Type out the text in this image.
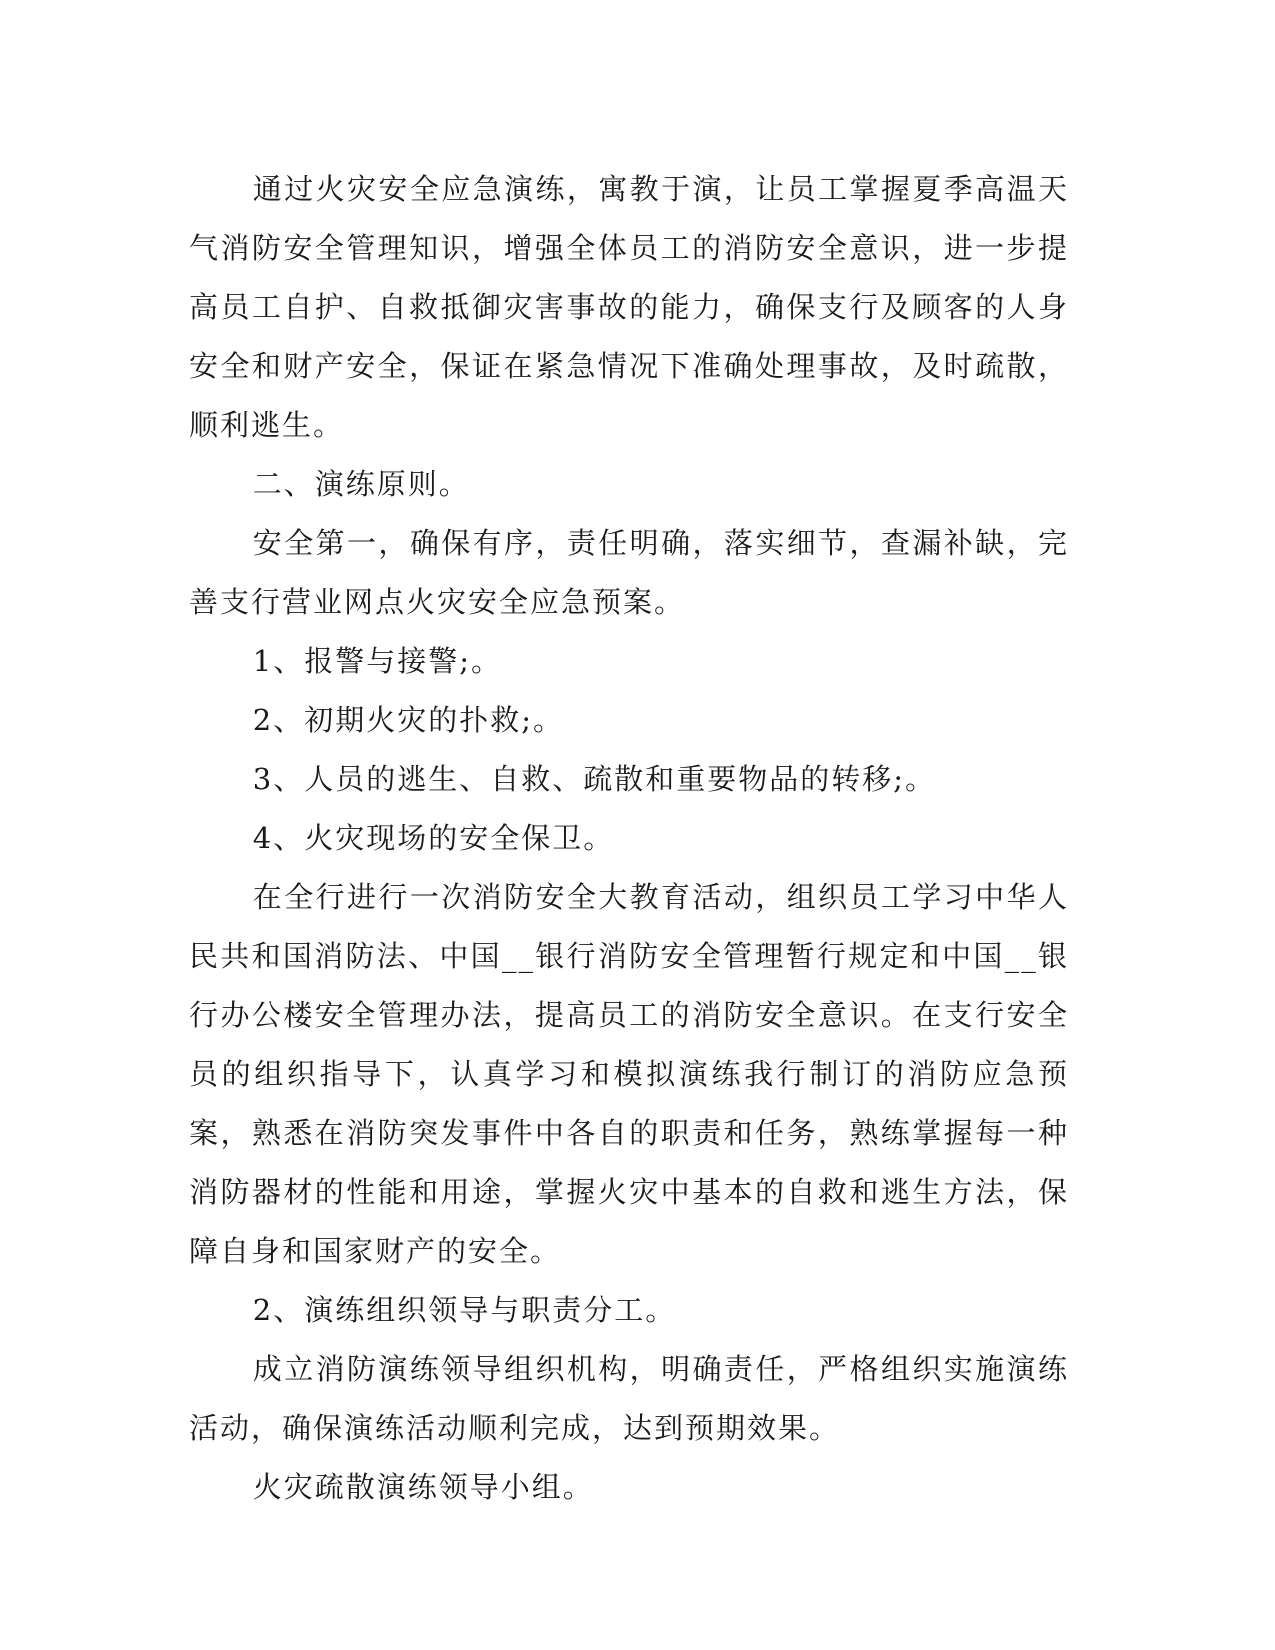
通过火灾安全应急演练，寓教于演，让员工掌握夏季高温天气消防安全管理知识，增强全体员工的消防安全意识，进一步提高员工自护、自救抵御灾害事故的能力，确保支行及顾客的人身安全和财产安全，保证在紧急情况下准确处理事故，及时疏散，顺利逃生。

二、演练原则。

安全第一，确保有序，责任明确，落实细节，查漏补缺，完善支行营业网点火灾安全应急预案。

1、报警与接警;。

2、初期火灾的扑救;。

3、人员的逃生、自救、疏散和重要物品的转移;。

4、火灾现场的安全保卫。

在全行进行一次消防安全大教育活动，组织员工学习中华人民共和国消防法、中国__银行消防安全管理暂行规定和中国__银行办公楼安全管理办法，提高员工的消防安全意识。在支行安全员的组织指导下，认真学习和模拟演练我行制订的消防应急预案，熟悉在消防突发事件中各自的职责和任务，熟练掌握每一种消防器材的性能和用途，掌握火灾中基本的自救和逃生方法，保障自身和国家财产的安全。

2、演练组织领导与职责分工。

成立消防演练领导组织机构，明确责任，严格组织实施演练活动，确保演练活动顺利完成，达到预期效果。

火灾疏散演练领导小组。
